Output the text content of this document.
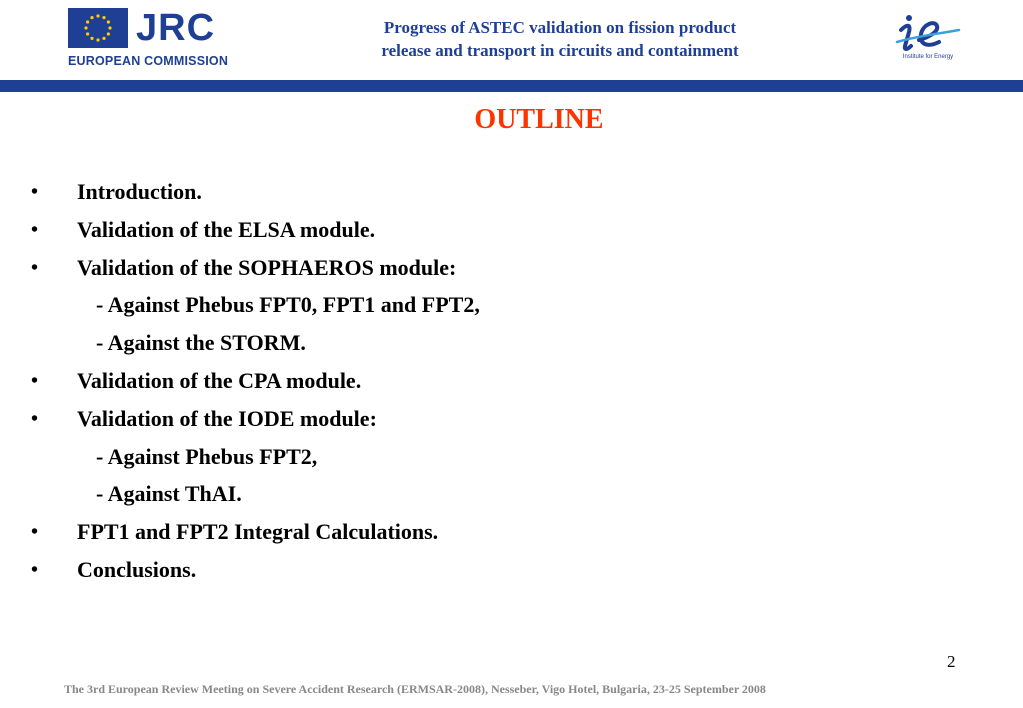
JRC
EUROPEAN COMMISSION
Progress of ASTEC validation on fission product
release and transport in circuits and containment	Institute for Energy
OUTLINE
• Introduction.
• Validation of the ELSA module.
• Validation of the SOPHAEROS module:
- Against Phebus FPT0, FPT1 and FPT2,
- Against the STORM.
• Validation of the CPA module.
• Validation of the IODE module:
- Against Phebus FPT2,
- Against ThAI.
• FPT1 and FPT2 Integral Calculations.
• Conclusions.
2
The 3rd European Review Meeting on Severe Accident Research (ERMSAR-2008), Nesseber, Vigo Hotel, Bulgaria, 23-25 September 2008
